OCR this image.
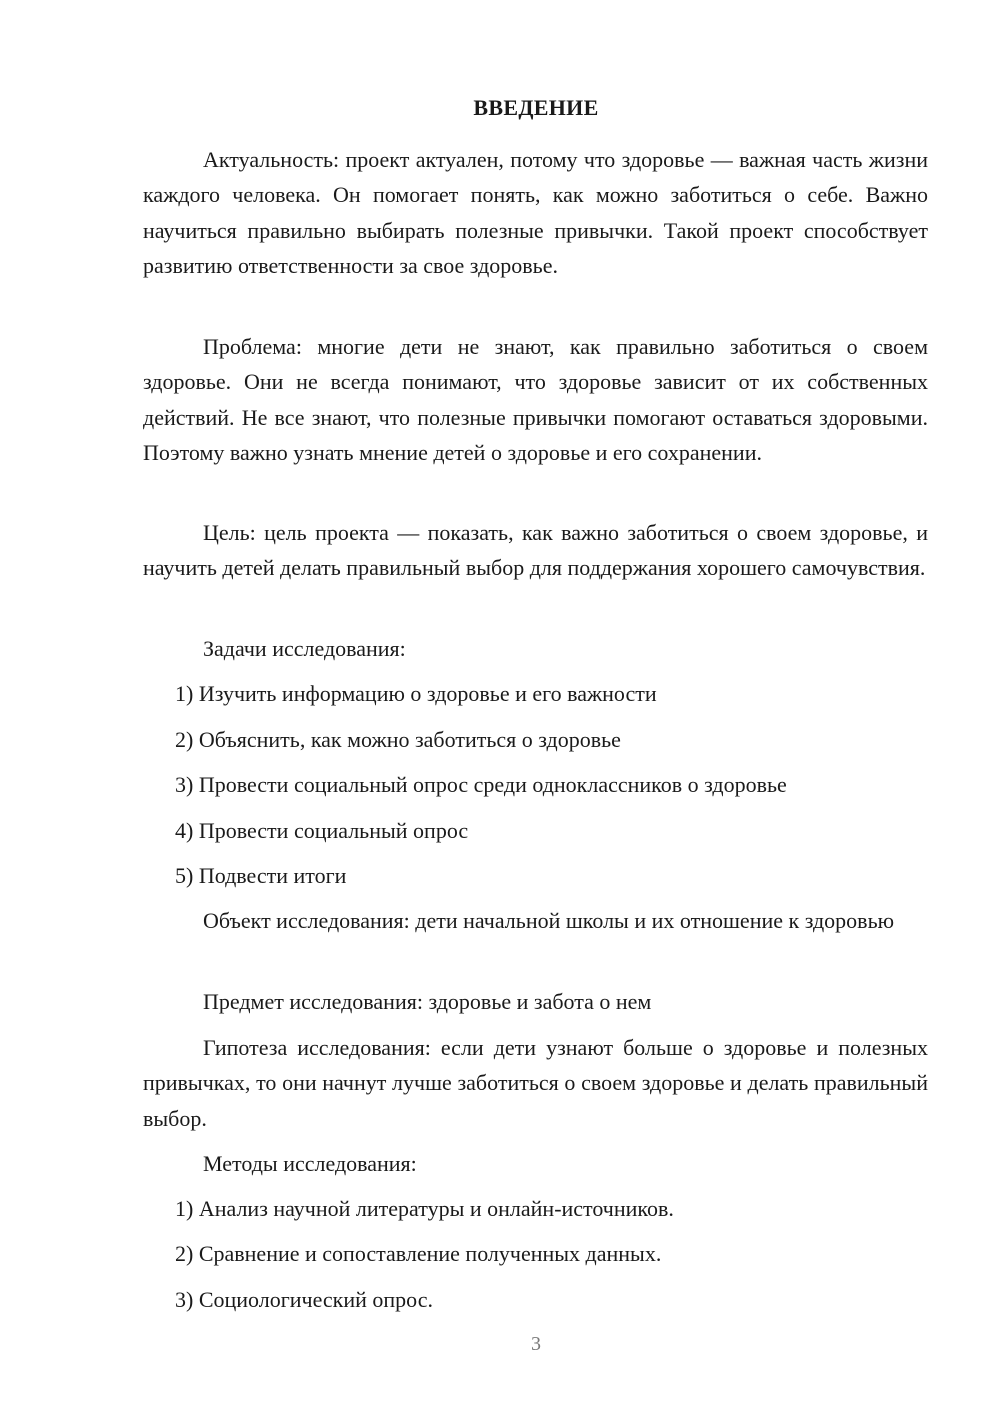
ВВЕДЕНИЕ

Актуальность: проект актуален, потому что здоровье — важная часть жизни каждого человека. Он помогает понять, как можно заботиться о себе. Важно научиться правильно выбирать полезные привычки. Такой проект способствует развитию ответственности за свое здоровье.

Проблема: многие дети не знают, как правильно заботиться о своем здоровье. Они не всегда понимают, что здоровье зависит от их собственных действий. Не все знают, что полезные привычки помогают оставаться здоровыми. Поэтому важно узнать мнение детей о здоровье и его сохранении.

Цель: цель проекта — показать, как важно заботиться о своем здоровье, и научить детей делать правильный выбор для поддержания хорошего самочувствия.

Задачи исследования:

1) Изучить информацию о здоровье и его важности

2) Объяснить, как можно заботиться о здоровье

3) Провести социальный опрос среди одноклассников о здоровье

4) Провести социальный опрос

5) Подвести итоги

Объект исследования: дети начальной школы и их отношение к здоровью

Предмет исследования: здоровье и забота о нем

Гипотеза исследования: если дети узнают больше о здоровье и полезных привычках, то они начнут лучше заботиться о своем здоровье и делать правильный выбор.

Методы исследования:

1) Анализ научной литературы и онлайн-источников.

2) Сравнение и сопоставление полученных данных.

3) Социологический опрос.

3
